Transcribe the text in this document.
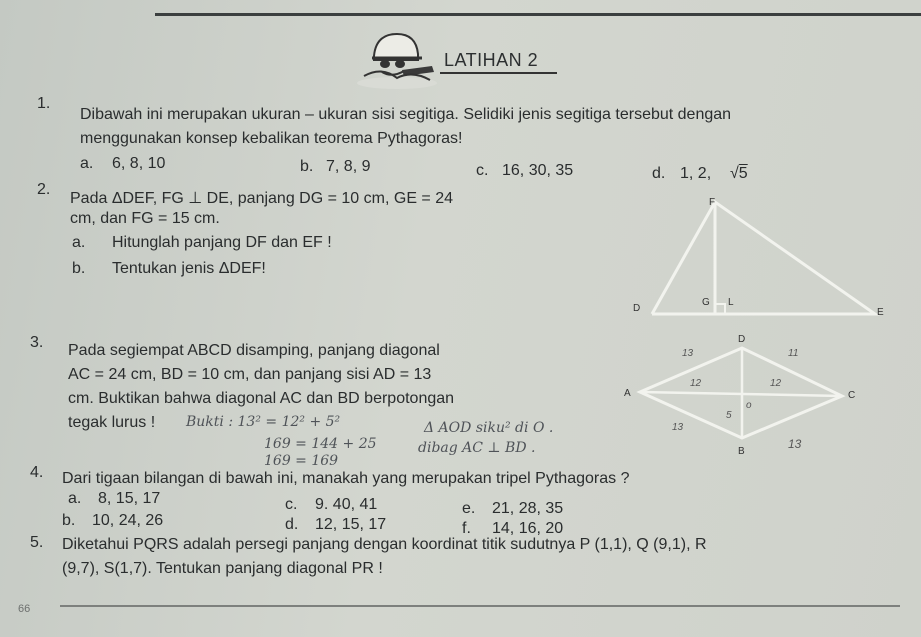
LATIHAN 2
1.
Dibawah ini merupakan ukuran – ukuran sisi segitiga. Selidiki jenis segitiga tersebut dengan
menggunakan konsep kebalikan teorema Pythagoras!
a. 6, 8, 10	b. 7, 8, 9	c. 16, 30, 35	d. 1, 2, √5
2.
Pada ΔDEF, FG ⊥ DE, panjang DG = 10 cm, GE = 24
cm, dan FG = 15 cm.
a. Hitunglah panjang DF dan EF !
b. Tentukan jenis ΔDEF!
F
D
G L
E
3. Pada segiempat ABCD disamping, panjang diagonal
AC = 24 cm, BD = 10 cm, dan panjang sisi AD = 13
cm. Buktikan bahwa diagonal AC dan BD berpotongan
tegak lurus ! Bukti : 13² = 12² + 5²	Δ AOD siku² di O .
169 = 144 + 25	dibag AC ⊥ BD .
169 = 169
D
A	C
B
13	11
12	12
5
o
13
13
4. Dari tigaan bilangan di bawah ini, manakah yang merupakan tripel Pythagoras ?
a. 8, 15, 17
b. 10, 24, 26
c. 9. 40, 41
d. 12, 15, 17
e. 21, 28, 35
f. 14, 16, 20
5. Diketahui PQRS adalah persegi panjang dengan koordinat titik sudutnya P (1,1), Q (9,1), R
(9,7), S(1,7). Tentukan panjang diagonal PR !
66
